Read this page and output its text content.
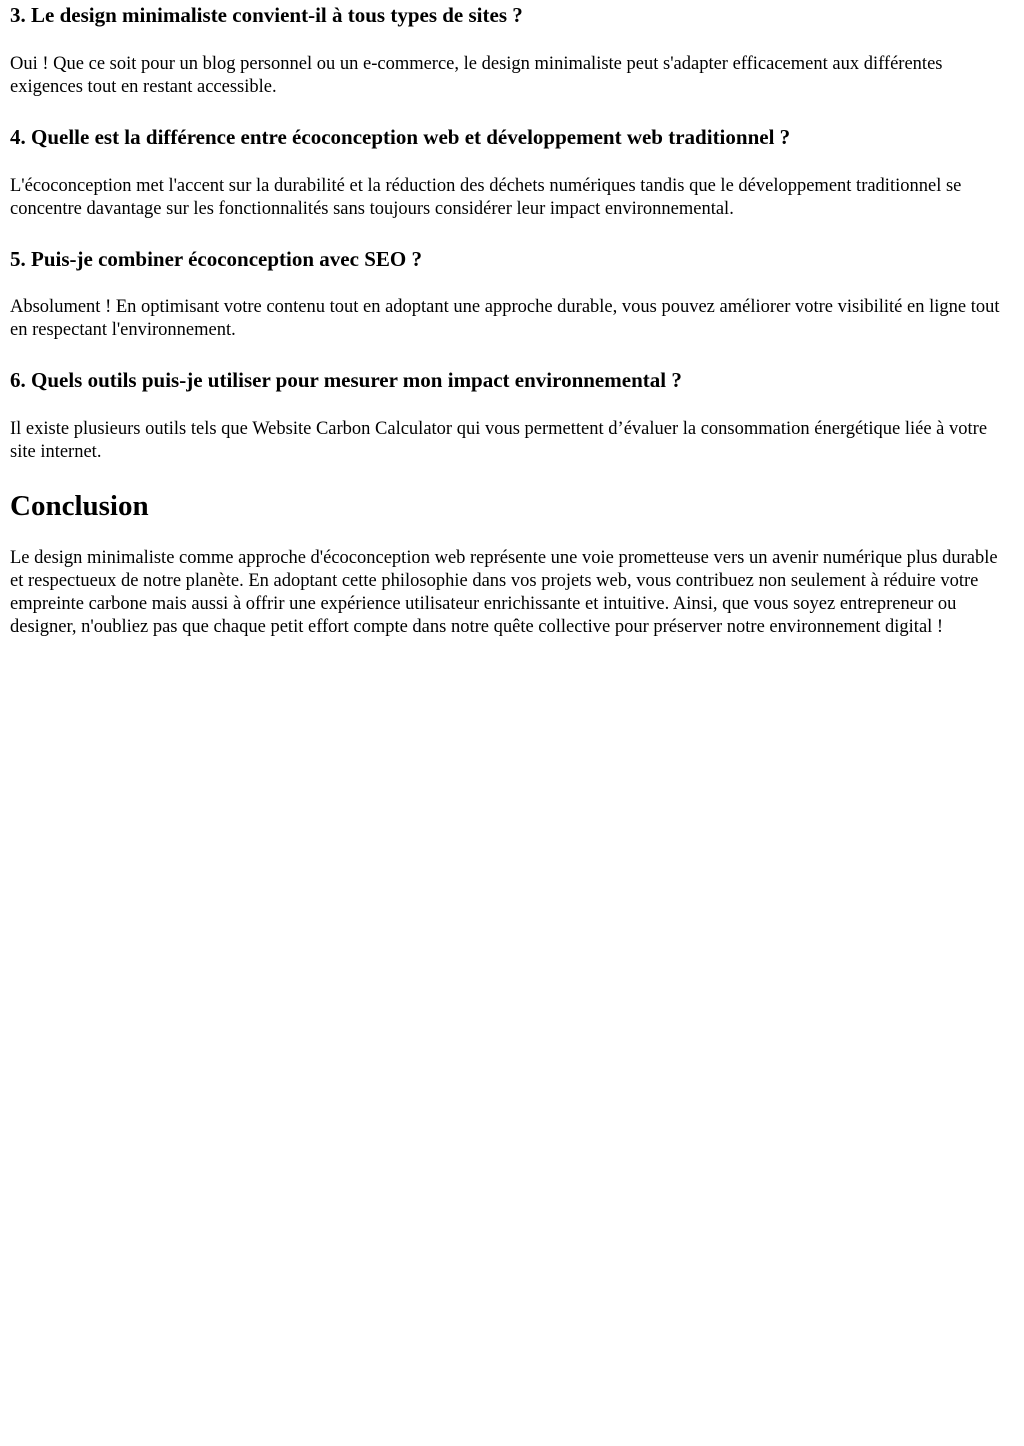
3. Le design minimaliste convient-il à tous types de sites ?

Oui ! Que ce soit pour un blog personnel ou un e-commerce, le design minimaliste peut s'adapter efficacement aux différentes exigences tout en restant accessible.

4. Quelle est la différence entre écoconception web et développement web traditionnel ?

L'écoconception met l'accent sur la durabilité et la réduction des déchets numériques tandis que le développement traditionnel se concentre davantage sur les fonctionnalités sans toujours considérer leur impact environnemental.

5. Puis-je combiner écoconception avec SEO ?

Absolument ! En optimisant votre contenu tout en adoptant une approche durable, vous pouvez améliorer votre visibilité en ligne tout en respectant l'environnement.

6. Quels outils puis-je utiliser pour mesurer mon impact environnemental ?

Il existe plusieurs outils tels que Website Carbon Calculator qui vous permettent d’évaluer la consommation énergétique liée à votre site internet.

Conclusion

Le design minimaliste comme approche d'écoconception web représente une voie prometteuse vers un avenir numérique plus durable et respectueux de notre planète. En adoptant cette philosophie dans vos projets web, vous contribuez non seulement à réduire votre empreinte carbone mais aussi à offrir une expérience utilisateur enrichissante et intuitive. Ainsi, que vous soyez entrepreneur ou designer, n'oubliez pas que chaque petit effort compte dans notre quête collective pour préserver notre environnement digital !
